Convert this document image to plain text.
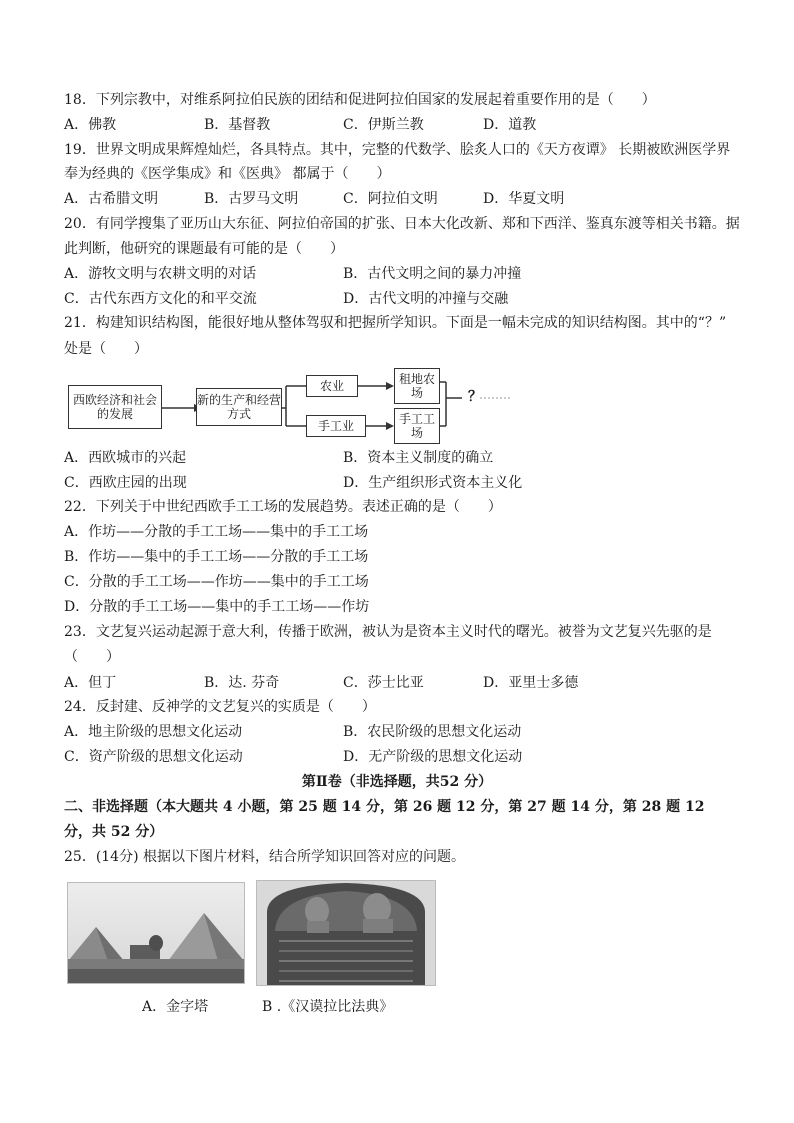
18．下列宗教中，对维系阿拉伯民族的团结和促进阿拉伯国家的发展起着重要作用的是（　　）
A．佛教	B．基督教	C．伊斯兰教	D．道教
19．世界文明成果辉煌灿烂，各具特点。其中，完整的代数学、脍炙人口的《天方夜谭》 长期被欧洲医学界
奉为经典的《医学集成》和《医典》 都属于（　　）
A．古希腊文明	B．古罗马文明	C．阿拉伯文明	D．华夏文明
20．有同学搜集了亚历山大东征、阿拉伯帝国的扩张、日本大化改新、郑和下西洋、鉴真东渡等相关书籍。据
此判断，他研究的课题最有可能的是（　　）
A．游牧文明与农耕文明的对话	B．古代文明之间的暴力冲撞
C．古代东西方文化的和平交流	D．古代文明的冲撞与交融
21．构建知识结构图，能很好地从整体驾驭和把握所学知识。下面是一幅未完成的知识结构图。其中的“？”
处是（　　）
西欧经济和社会的发展
新的生产和经营方式
农业
手工业
租地农场
手工工场
？
A．西欧城市的兴起	B．资本主义制度的确立
C．西欧庄园的出现	D．生产组织形式资本主义化
22．下列关于中世纪西欧手工工场的发展趋势。表述正确的是（　　）
A．作坊——分散的手工工场——集中的手工工场
B．作坊——集中的手工工场——分散的手工工场
C．分散的手工工场——作坊——集中的手工工场
D．分散的手工工场——集中的手工工场——作坊
23．文艺复兴运动起源于意大利，传播于欧洲，被认为是资本主义时代的曙光。被誉为文艺复兴先驱的是
（　　）
A．但丁	B．达. 芬奇	C．莎士比亚	D．亚里士多德
24．反封建、反神学的文艺复兴的实质是（　　）
A．地主阶级的思想文化运动	B．农民阶级的思想文化运动
C．资产阶级的思想文化运动	D．无产阶级的思想文化运动
第Ⅱ卷（非选择题，共52 分）
二、非选择题（本大题共 4 小题，第 25 题 14 分，第 26 题 12 分，第 27 题 14 分，第 28 题 12
分，共 52 分）
25．(14分) 根据以下图片材料，结合所学知识回答对应的问题。
A．金字塔	B .《汉谟拉比法典》
